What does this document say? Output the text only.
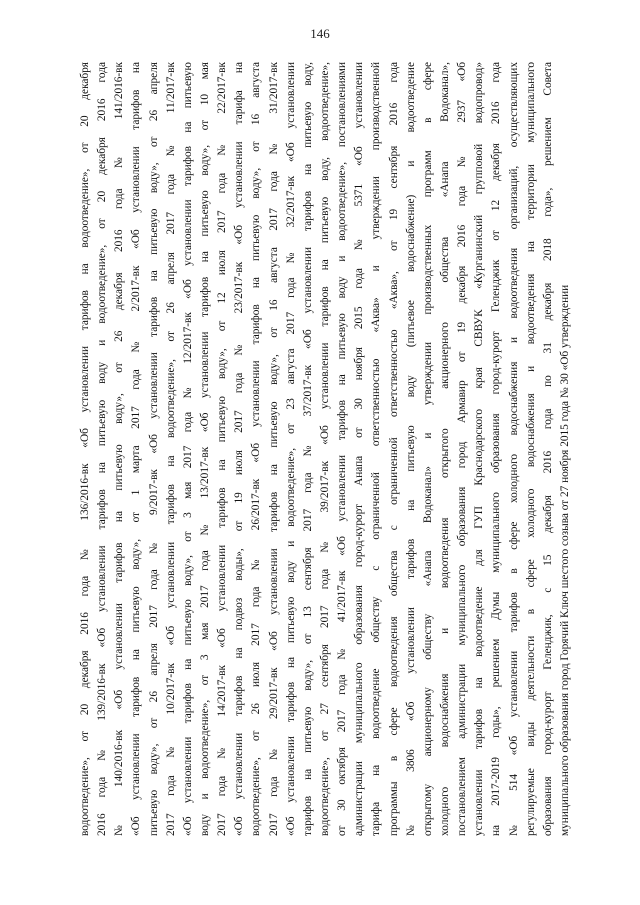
146
водоотведение», от 20 декабря 2016 года № 136/2016-вк «Об установлении тарифов на водоотведение», от 20 декабря 2016 года № 139/2016-вк «Об установлении тарифов на питьевую воду и водоотведение», от 20 декабря 2016 года № 140/2016-вк «Об установлении тарифов на питьевую воду», от 26 декабря 2016 года № 141/2016-вк «Об установлении тарифов на питьевую воду», от 1 марта 2017 года № 2/2017-вк «Об установлении тарифов на питьевую воду», от 26 апреля 2017 года № 9/2017-вк «Об установлении тарифов на питьевую воду», от 26 апреля 2017 года № 10/2017-вк «Об установлении тарифов на водоотведение», от 26 апреля 2017 года № 11/2017-вк «Об установлении тарифов на питьевую воду», от 3 мая 2017 года № 12/2017-вк «Об установлении тарифов на питьевую воду и водоотведение», от 3 мая 2017 года № 13/2017-вк «Об установлении тарифов на питьевую воду», от 10 мая 2017 года № 14/2017-вк «Об установлении тарифов на питьевую воду», от 12 июля 2017 года № 22/2017-вк «Об установлении тарифов на подвоз воды», от 19 июля 2017 года № 23/2017-вк «Об установлении тарифа на водоотведение», от 26 июля 2017 года № 26/2017-вк «Об установлении тарифов на питьевую воду», от 16 августа 2017 года № 29/2017-вк «Об установлении тарифов на питьевую воду», от 16 августа 2017 года № 31/2017-вк «Об установлении тарифов на питьевую воду и водоотведение», от 23 августа 2017 года № 32/2017-вк «Об установлении тарифов на питьевую воду», от 13 сентября 2017 года № 37/2017-вк «Об установлении тарифов на питьевую воду, водоотведение», от 27 сентября 2017 года № 39/2017-вк «Об установлении тарифов на питьевую воду, водоотведение», от 30 октября 2017 года № 41/2017-вк «Об установлении тарифов на питьевую воду и водоотведение», постановлениями администрации муниципального образования город-курорт Анапа от 30 ноября 2015 года № 5371 «Об установлении тарифа на водоотведение обществу с ограниченной ответственностью «Аква» и утверждении производственной программы в сфере водоотведения общества с ограниченной ответственностью «Аква», от 19 сентября 2016 года № 3806 «Об установлении тарифов на питьевую воду (питьевое водоснабжение) и водоотведение открытому акционерному обществу «Анапа Водоканал» и утверждении производственных программ в сфере холодного водоснабжения и водоотведения открытого акционерного общества «Анапа Водоканал», постановлением администрации муниципального образования город Армавир от 19 декабря 2016 года № 2937 «Об установлении тарифов на водоотведение для ГУП Краснодарского края СВВУК «Курганинский групповой водопровод» на 2017-2019 годы», решением Думы муниципального образования город-курорт Геленджик от 12 декабря 2016 года № 514 «Об установлении тарифов в сфере холодного водоснабжения и водоотведения организаций, осуществляющих регулируемые виды деятельности в сфере холодного водоснабжения и водоотведения на территории муниципального образования город-курорт Геленджик, с 15 декабря 2016 года по 31 декабря 2018 года», решением Совета муниципального образования город Горячий Ключ шестого созыва от 27 ноября 2015 года № 30 «Об утверждении
